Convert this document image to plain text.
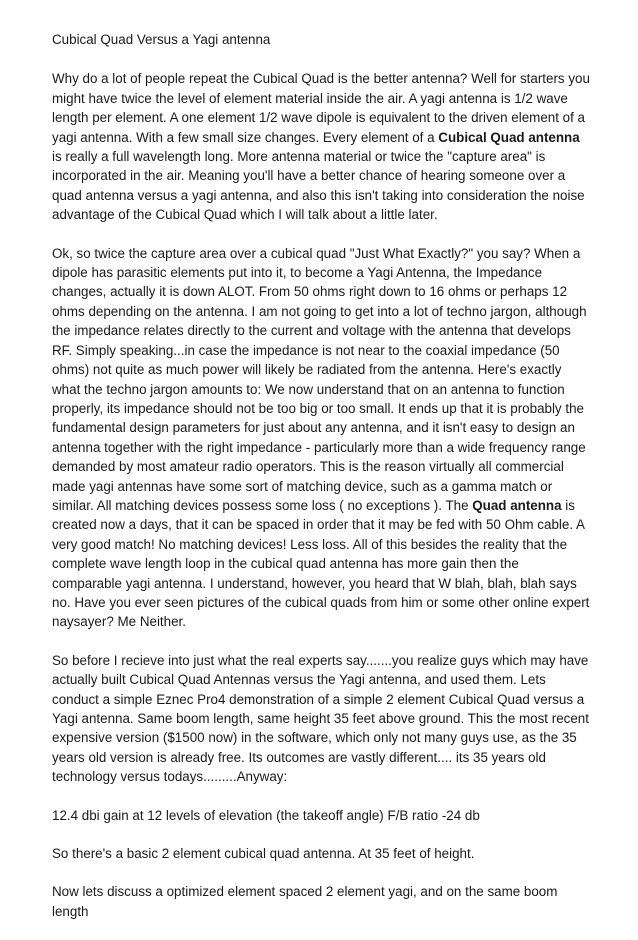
Cubical Quad Versus a Yagi antenna

Why do a lot of people repeat the Cubical Quad is the better antenna? Well for starters you might have twice the level of element material inside the air. A yagi antenna is 1/2 wave length per element. A one element 1/2 wave dipole is equivalent to the driven element of a yagi antenna. With a few small size changes. Every element of a Cubical Quad antenna is really a full wavelength long. More antenna material or twice the "capture area" is incorporated in the air. Meaning you'll have a better chance of hearing someone over a quad antenna versus a yagi antenna, and also this isn't taking into consideration the noise advantage of the Cubical Quad which I will talk about a little later.

Ok, so twice the capture area over a cubical quad "Just What Exactly?" you say? When a dipole has parasitic elements put into it, to become a Yagi Antenna, the Impedance changes, actually it is down ALOT. From 50 ohms right down to 16 ohms or perhaps 12 ohms depending on the antenna. I am not going to get into a lot of techno jargon, although the impedance relates directly to the current and voltage with the antenna that develops RF. Simply speaking...in case the impedance is not near to the coaxial impedance (50 ohms) not quite as much power will likely be radiated from the antenna. Here's exactly what the techno jargon amounts to: We now understand that on an antenna to function properly, its impedance should not be too big or too small. It ends up that it is probably the fundamental design parameters for just about any antenna, and it isn't easy to design an antenna together with the right impedance - particularly more than a wide frequency range demanded by most amateur radio operators. This is the reason virtually all commercial made yagi antennas have some sort of matching device, such as a gamma match or similar. All matching devices possess some loss ( no exceptions ). The Quad antenna is created now a days, that it can be spaced in order that it may be fed with 50 Ohm cable. A very good match! No matching devices! Less loss. All of this besides the reality that the complete wave length loop in the cubical quad antenna has more gain then the comparable yagi antenna. I understand, however, you heard that W blah, blah, blah says no. Have you ever seen pictures of the cubical quads from him or some other online expert naysayer? Me Neither.

So before I recieve into just what the real experts say.......you realize guys which may have actually built Cubical Quad Antennas versus the Yagi antenna, and used them. Lets conduct a simple Eznec Pro4 demonstration of a simple 2 element Cubical Quad versus a Yagi antenna. Same boom length, same height 35 feet above ground. This the most recent expensive version ($1500 now) in the software, which only not many guys use, as the 35 years old version is already free. Its outcomes are vastly different.... its 35 years old technology versus todays.........Anyway:

12.4 dbi gain at 12 levels of elevation (the takeoff angle) F/B ratio -24 db

So there's a basic 2 element cubical quad antenna. At 35 feet of height.

Now lets discuss a optimized element spaced 2 element yagi, and on the same boom length
